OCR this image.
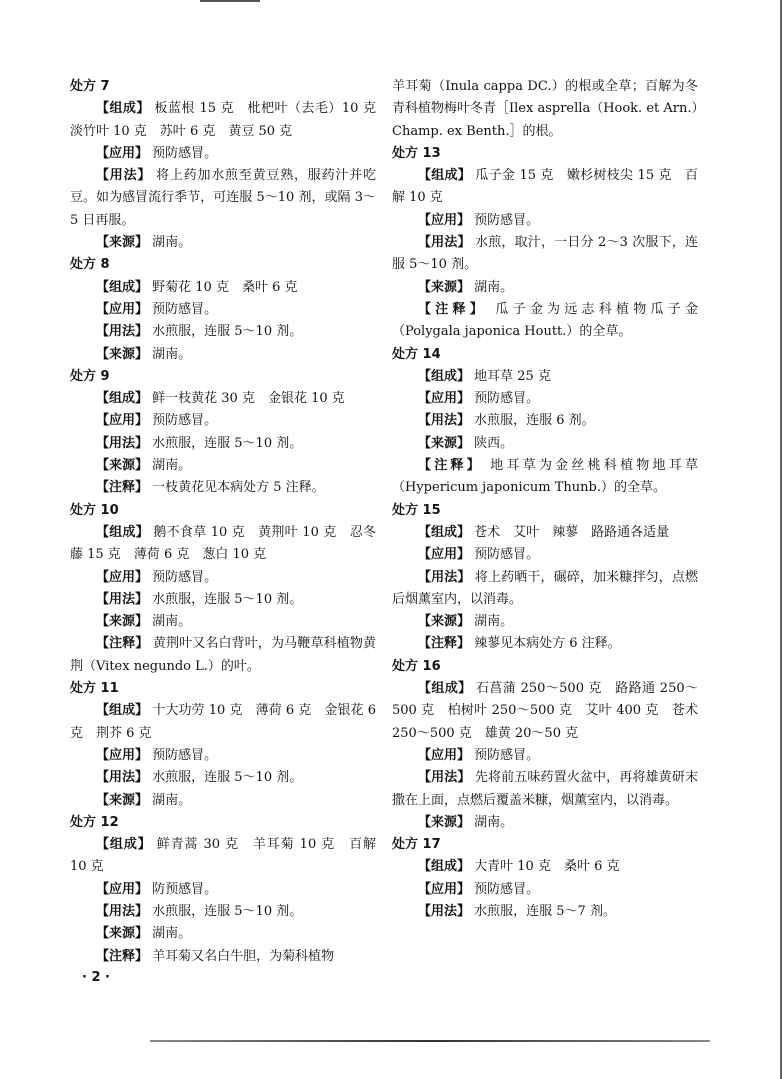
处方 7
【组成】 板蓝根 15 克　枇杷叶（去毛）10 克　淡竹叶 10 克　苏叶 6 克　黄豆 50 克
【应用】 预防感冒。
【用法】 将上药加水煎至黄豆熟，服药汁并吃豆。如为感冒流行季节，可连服 5～10 剂，或隔 3～5 日再服。
【来源】 湖南。
处方 8
【组成】 野菊花 10 克　桑叶 6 克
【应用】 预防感冒。
【用法】 水煎服，连服 5～10 剂。
【来源】 湖南。
处方 9
【组成】 鲜一枝黄花 30 克　金银花 10 克
【应用】 预防感冒。
【用法】 水煎服，连服 5～10 剂。
【来源】 湖南。
【注释】 一枝黄花见本病处方 5 注释。
处方 10
【组成】 鹅不食草 10 克　黄荆叶 10 克　忍冬藤 15 克　薄荷 6 克　葱白 10 克
【应用】 预防感冒。
【用法】 水煎服，连服 5～10 剂。
【来源】 湖南。
【注释】 黄荆叶又名白背叶，为马鞭草科植物黄荆（Vitex negundo L.）的叶。
处方 11
【组成】 十大功劳 10 克　薄荷 6 克　金银花 6 克　荆芥 6 克
【应用】 预防感冒。
【用法】 水煎服，连服 5～10 剂。
【来源】 湖南。
处方 12
【组成】 鲜青蒿 30 克　羊耳菊 10 克　百解 10 克
【应用】 防预感冒。
【用法】 水煎服，连服 5～10 剂。
【来源】 湖南。
【注释】 羊耳菊又名白牛胆，为菊科植物
羊耳菊（Inula cappa DC.）的根或全草；百解为冬青科植物梅叶冬青［Ilex asprella（Hook. et Arn.）Champ. ex Benth.］的根。
处方 13
【组成】 瓜子金 15 克　嫩杉树枝尖 15 克　百解 10 克
【应用】 预防感冒。
【用法】 水煎，取汁，一日分 2～3 次服下，连服 5～10 剂。
【来源】 湖南。
【注释】 瓜子金为远志科植物瓜子金（Polygala japonica Houtt.）的全草。
处方 14
【组成】 地耳草 25 克
【应用】 预防感冒。
【用法】 水煎服，连服 6 剂。
【来源】 陕西。
【注释】 地耳草为金丝桃科植物地耳草（Hypericum japonicum Thunb.）的全草。
处方 15
【组成】 苍术　艾叶　辣蓼　路路通各适量
【应用】 预防感冒。
【用法】 将上药晒干，碾碎，加米糠拌匀，点燃后烟薰室内，以消毒。
【来源】 湖南。
【注释】 辣蓼见本病处方 6 注释。
处方 16
【组成】 石菖蒲 250～500 克　路路通 250～500 克　柏树叶 250～500 克　艾叶 400 克　苍术 250～500 克　雄黄 20～50 克
【应用】 预防感冒。
【用法】 先将前五味药置火盆中，再将雄黄研末撒在上面，点燃后覆盖米糠，烟薰室内，以消毒。
【来源】 湖南。
处方 17
【组成】 大青叶 10 克　桑叶 6 克
【应用】 预防感冒。
【用法】 水煎服，连服 5～7 剂。
· 2 ·
